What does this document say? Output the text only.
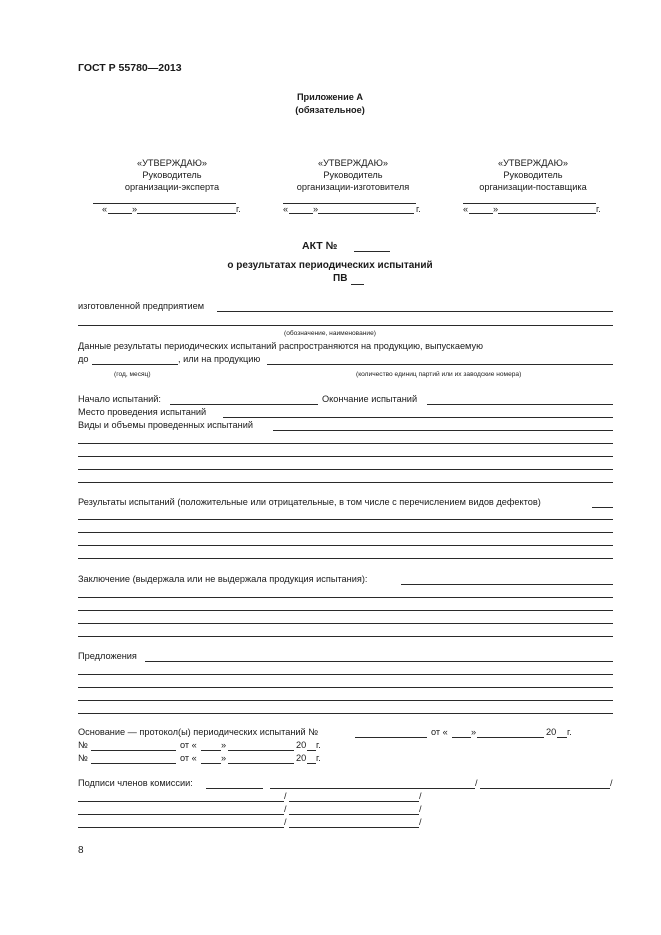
ГОСТ Р 55780—2013
Приложение А
(обязательное)
«УТВЕРЖДАЮ»
Руководитель
организации-эксперта
«	»	г.
«УТВЕРЖДАЮ»
Руководитель
организации-изготовителя
«	»	г.
«УТВЕРЖДАЮ»
Руководитель
организации-поставщика
«	»	г.
АКТ №
о результатах периодических испытаний
ПВ
изготовленной предприятием
(обозначение, наименование)
Данные результаты периодических испытаний распространяются на продукцию, выпускаемую
до	, или на продукцию
(год, месяц)	(количество единиц партий или их заводские номера)
Начало испытаний:	Окончание испытаний
Место проведения испытаний
Виды и объемы проведенных испытаний
Результаты испытаний (положительные или отрицательные, в том числе с перечислением видов дефектов)
Заключение (выдержала или не выдержала продукция испытания):
Предложения
Основание — протокол(ы) периодических испытаний №	от «	»	20 г.
№	от «	»	20 г.
№	от «	»	20 г.
Подписи членов комиссии:	/	/
/	/
/	/
/	/
8
